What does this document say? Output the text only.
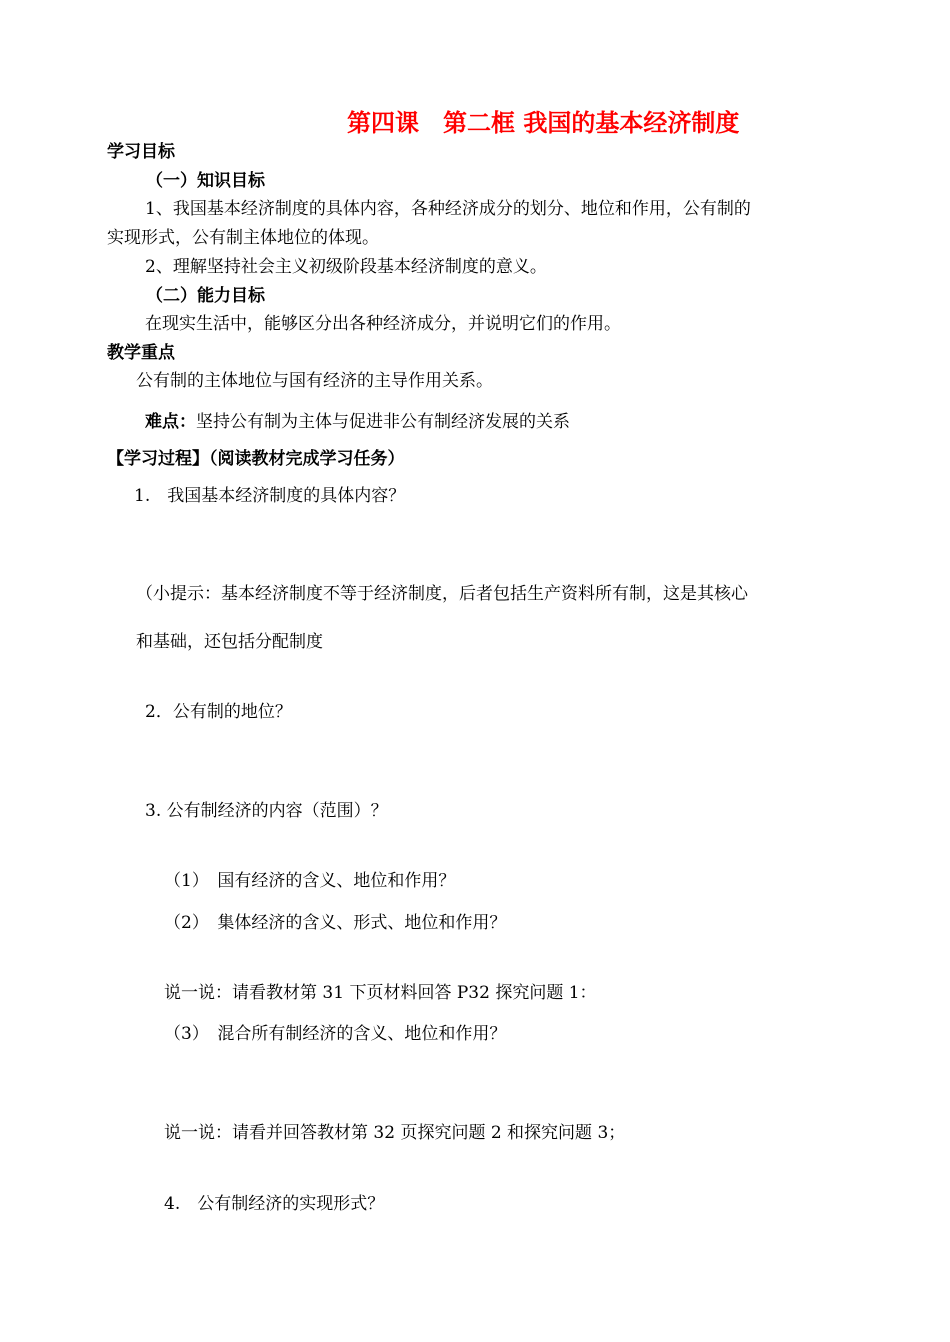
第四课　第二框 我国的基本经济制度
学习目标
（一）知识目标
1、我国基本经济制度的具体内容，各种经济成分的划分、地位和作用，公有制的
实现形式，公有制主体地位的体现。
2、理解坚持社会主义初级阶段基本经济制度的意义。
（二）能力目标
在现实生活中，能够区分出各种经济成分，并说明它们的作用。
教学重点
公有制的主体地位与国有经济的主导作用关系。
难点：坚持公有制为主体与促进非公有制经济发展的关系
【学习过程】（阅读教材完成学习任务）
1.　我国基本经济制度的具体内容？
（小提示：基本经济制度不等于经济制度，后者包括生产资料所有制，这是其核心
和基础，还包括分配制度
2．公有制的地位？
3. 公有制经济的内容（范围）？
（1）　国有经济的含义、地位和作用？
（2）　集体经济的含义、形式、地位和作用？
说一说：请看教材第 31 下页材料回答 P32 探究问题 1：
（3）　混合所有制经济的含义、地位和作用？
说一说：请看并回答教材第 32 页探究问题 2 和探究问题 3；
4.　公有制经济的实现形式？
